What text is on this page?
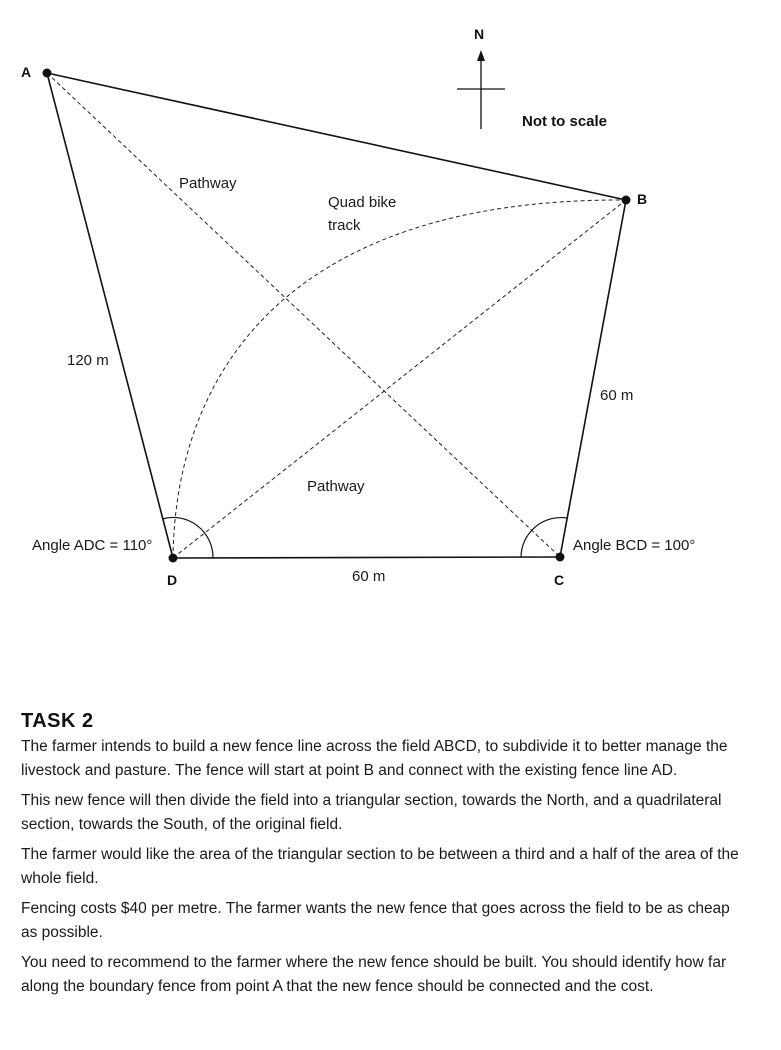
N
Not to scale
A
B
C
D
Pathway
Pathway
Quad bike
track
120 m
60 m
60 m
Angle ADC = 110°	Angle BCD = 100°
TASK 2

The farmer intends to build a new fence line across the field ABCD, to subdivide it to better manage the livestock and pasture. The fence will start at point B and connect with the existing fence line AD.

This new fence will then divide the field into a triangular section, towards the North, and a quadrilateral section, towards the South, of the original field.

The farmer would like the area of the triangular section to be between a third and a half of the area of the whole field.

Fencing costs $40 per metre. The farmer wants the new fence that goes across the field to be as cheap as possible.

You need to recommend to the farmer where the new fence should be built. You should identify how far along the boundary fence from point A that the new fence should be connected and the cost.
